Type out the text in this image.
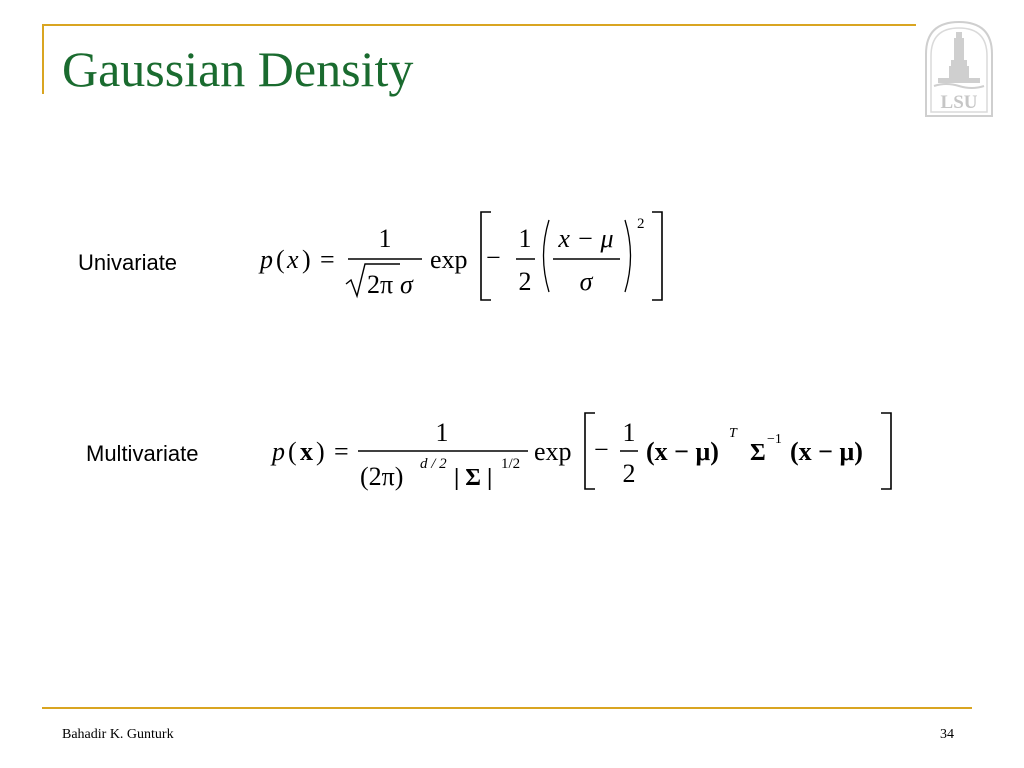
Gaussian Density
LSU
Univariate	p ( x ) =
1
2π σ
exp −
1
2
x − μ
σ
2
Multivariate	p ( x ) =
1
(2π) d / 2
| Σ |
1/2 exp −
1
2
(x − μ)
T
Σ
−1 (x − μ)
Bahadir K. Gunturk	34
